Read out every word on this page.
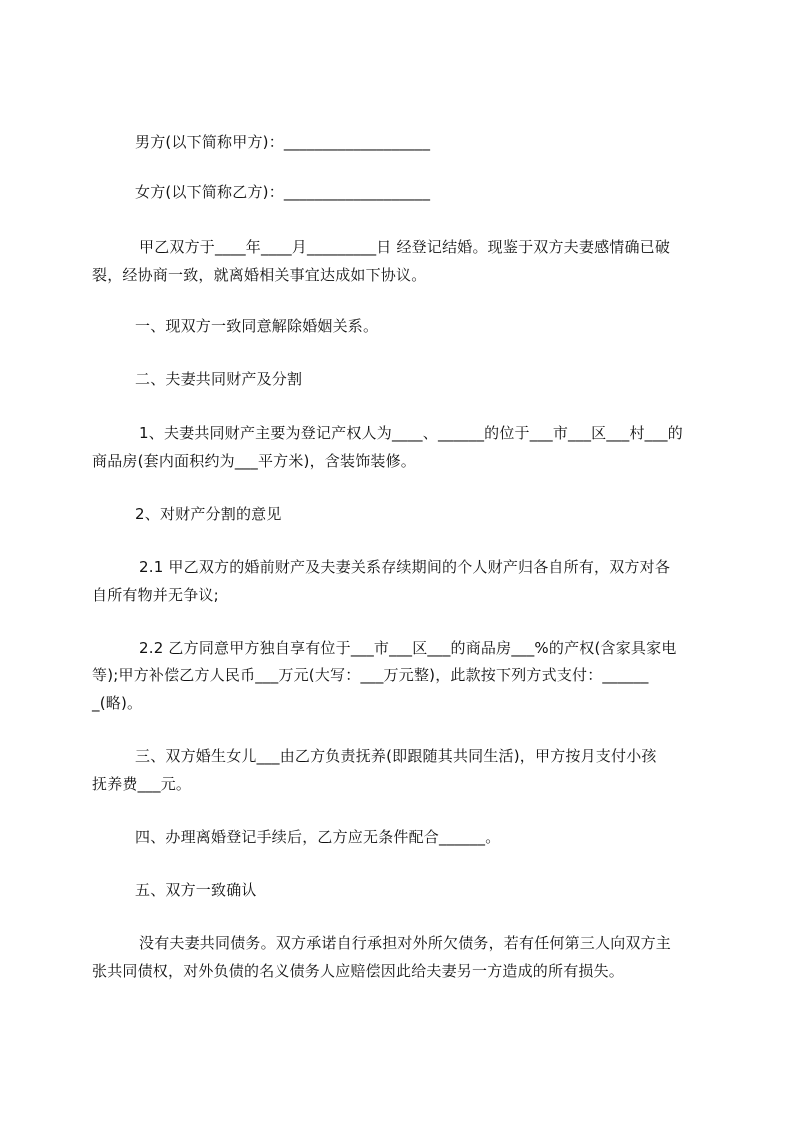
男方(以下简称甲方)：___________________
女方(以下简称乙方)：___________________
甲乙双方于____年____月_________日 经登记结婚。现鉴于双方夫妻感情确已破
裂，经协商一致，就离婚相关事宜达成如下协议。
一、现双方一致同意解除婚姻关系。
二、夫妻共同财产及分割
1、夫妻共同财产主要为登记产权人为____、______的位于___市___区___村___的
商品房(套内面积约为___平方米)，含装饰装修。
2、对财产分割的意见
2.1 甲乙双方的婚前财产及夫妻关系存续期间的个人财产归各自所有，双方对各
自所有物并无争议;
2.2 乙方同意甲方独自享有位于___市___区___的商品房___%的产权(含家具家电
等);甲方补偿乙方人民币___万元(大写：___万元整)，此款按下列方式支付：______
_(略)。
三、双方婚生女儿___由乙方负责抚养(即跟随其共同生活)，甲方按月支付小孩
抚养费___元。
四、办理离婚登记手续后，乙方应无条件配合______。
五、双方一致确认
没有夫妻共同债务。双方承诺自行承担对外所欠债务，若有任何第三人向双方主
张共同债权，对外负债的名义债务人应赔偿因此给夫妻另一方造成的所有损失。
